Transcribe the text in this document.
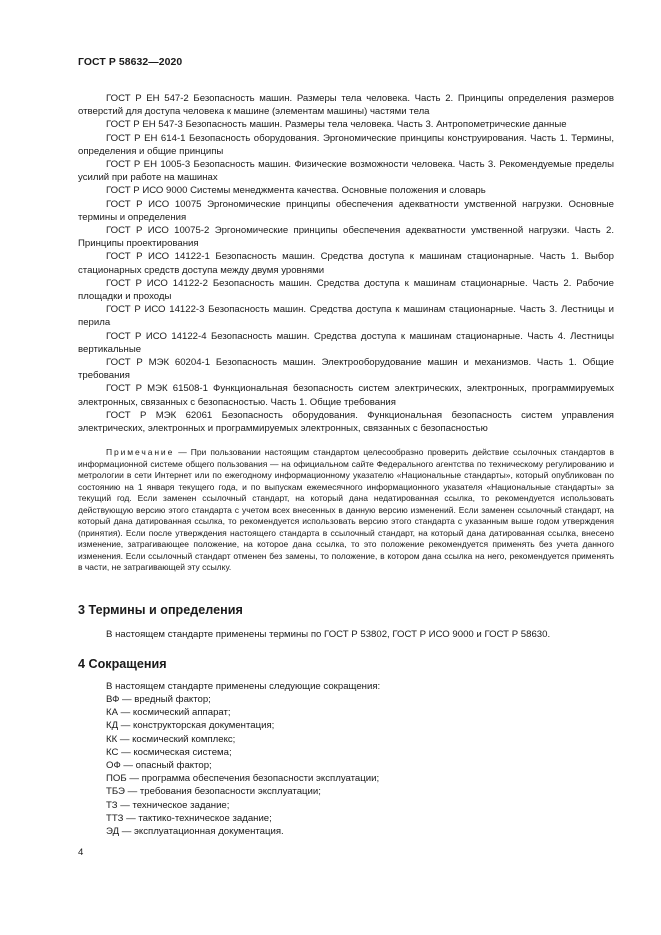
ГОСТ Р 58632—2020

ГОСТ Р ЕН 547-2 Безопасность машин. Размеры тела человека. Часть 2. Принципы определения размеров отверстий для доступа человека к машине (элементам машины) частями тела

ГОСТ Р ЕН 547-3 Безопасность машин. Размеры тела человека. Часть 3. Антропометрические данные

ГОСТ Р ЕН 614-1 Безопасность оборудования. Эргономические принципы конструирования. Часть 1. Термины, определения и общие принципы

ГОСТ Р ЕН 1005-3 Безопасность машин. Физические возможности человека. Часть 3. Рекомендуемые пределы усилий при работе на машинах

ГОСТ Р ИСО 9000 Системы менеджмента качества. Основные положения и словарь

ГОСТ Р ИСО 10075 Эргономические принципы обеспечения адекватности умственной нагрузки. Основные термины и определения

ГОСТ Р ИСО 10075-2 Эргономические принципы обеспечения адекватности умственной нагрузки. Часть 2. Принципы проектирования

ГОСТ Р ИСО 14122-1 Безопасность машин. Средства доступа к машинам стационарные. Часть 1. Выбор стационарных средств доступа между двумя уровнями

ГОСТ Р ИСО 14122-2 Безопасность машин. Средства доступа к машинам стационарные. Часть 2. Рабочие площадки и проходы

ГОСТ Р ИСО 14122-3 Безопасность машин. Средства доступа к машинам стационарные. Часть 3. Лестницы и перила

ГОСТ Р ИСО 14122-4 Безопасность машин. Средства доступа к машинам стационарные. Часть 4. Лестницы вертикальные

ГОСТ Р МЭК 60204-1 Безопасность машин. Электрооборудование машин и механизмов. Часть 1. Общие требования

ГОСТ Р МЭК 61508-1 Функциональная безопасность систем электрических, электронных, программируемых электронных, связанных с безопасностью. Часть 1. Общие требования

ГОСТ Р МЭК 62061 Безопасность оборудования. Функциональная безопасность систем управления электрических, электронных и программируемых электронных, связанных с безопасностью

Примечание — При пользовании настоящим стандартом целесообразно проверить действие ссылочных стандартов в информационной системе общего пользования — на официальном сайте Федерального агентства по техническому регулированию и метрологии в сети Интернет или по ежегодному информационному указателю «Национальные стандарты», который опубликован по состоянию на 1 января текущего года, и по выпускам ежемесячного информационного указателя «Национальные стандарты» за текущий год. Если заменен ссылочный стандарт, на который дана недатированная ссылка, то рекомендуется использовать действующую версию этого стандарта с учетом всех внесенных в данную версию изменений. Если заменен ссылочный стандарт, на который дана датированная ссылка, то рекомендуется использовать версию этого стандарта с указанным выше годом утверждения (принятия). Если после утверждения настоящего стандарта в ссылочный стандарт, на который дана датированная ссылка, внесено изменение, затрагивающее положение, на которое дана ссылка, то это положение рекомендуется применять без учета данного изменения. Если ссылочный стандарт отменен без замены, то положение, в котором дана ссылка на него, рекомендуется применять в части, не затрагивающей эту ссылку.

3 Термины и определения

В настоящем стандарте применены термины по ГОСТ Р 53802, ГОСТ Р ИСО 9000 и ГОСТ Р 58630.

4 Сокращения

В настоящем стандарте применены следующие сокращения:

ВФ — вредный фактор;
КА — космический аппарат;
КД — конструкторская документация;
КК — космический комплекс;
КС — космическая система;
ОФ — опасный фактор;
ПОБ — программа обеспечения безопасности эксплуатации;
ТБЭ — требования безопасности эксплуатации;
ТЗ — техническое задание;
ТТЗ — тактико-техническое задание;
ЭД — эксплуатационная документация.
4
